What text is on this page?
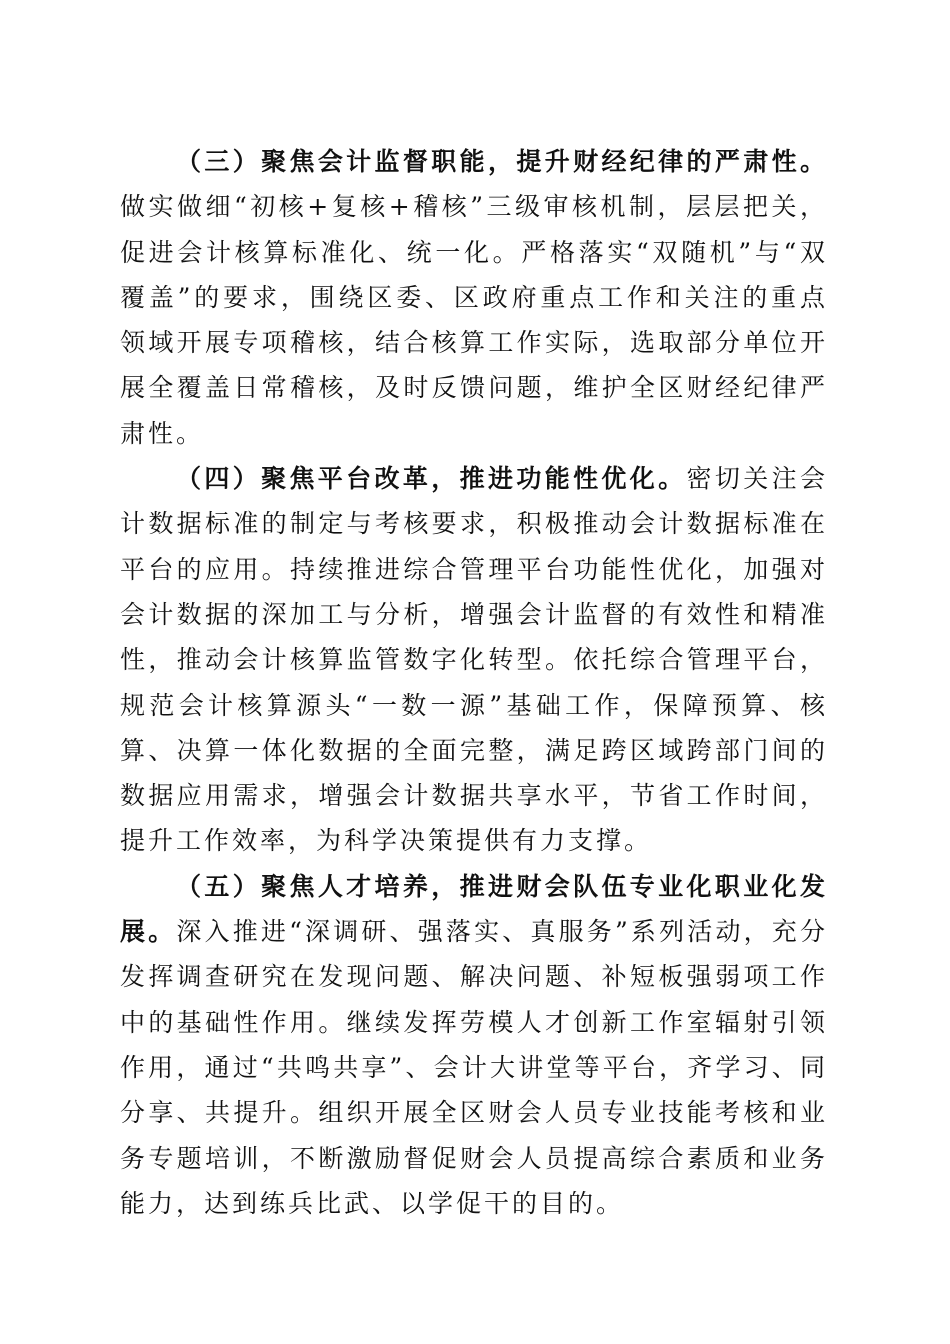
（三）聚焦会计监督职能，提升财经纪律的严肃性。做实做细“初核+复核+稽核”三级审核机制，层层把关，促进会计核算标准化、统一化。严格落实“双随机”与“双覆盖”的要求，围绕区委、区政府重点工作和关注的重点领域开展专项稽核，结合核算工作实际，选取部分单位开展全覆盖日常稽核，及时反馈问题，维护全区财经纪律严肃性。

（四）聚焦平台改革，推进功能性优化。密切关注会计数据标准的制定与考核要求，积极推动会计数据标准在平台的应用。持续推进综合管理平台功能性优化，加强对会计数据的深加工与分析，增强会计监督的有效性和精准性，推动会计核算监管数字化转型。依托综合管理平台，规范会计核算源头“一数一源”基础工作，保障预算、核算、决算一体化数据的全面完整，满足跨区域跨部门间的数据应用需求，增强会计数据共享水平，节省工作时间，提升工作效率，为科学决策提供有力支撑。

（五）聚焦人才培养，推进财会队伍专业化职业化发展。深入推进“深调研、强落实、真服务”系列活动，充分发挥调查研究在发现问题、解决问题、补短板强弱项工作中的基础性作用。继续发挥劳模人才创新工作室辐射引领作用，通过“共鸣共享”、会计大讲堂等平台，齐学习、同分享、共提升。组织开展全区财会人员专业技能考核和业务专题培训，不断激励督促财会人员提高综合素质和业务能力，达到练兵比武、以学促干的目的。
